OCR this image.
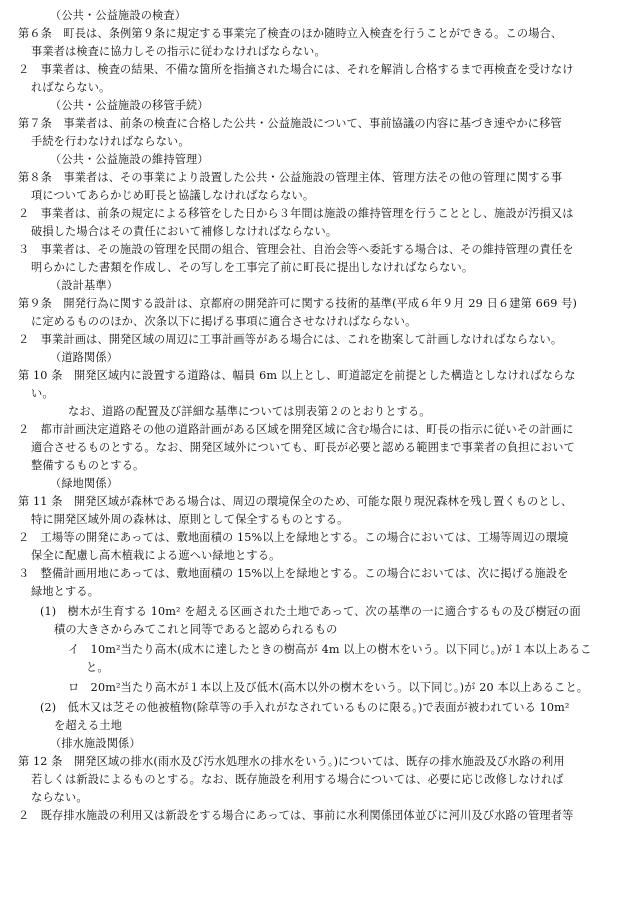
（公共・公益施設の検査）
第６条　町長は、条例第９条に規定する事業完了検査のほか随時立入検査を行うことができる。この場合、
事業者は検査に協力しその指示に従わなければならない。
２　事業者は、検査の結果、不備な箇所を指摘された場合には、それを解消し合格するまで再検査を受けなけ
ればならない。
（公共・公益施設の移管手続）
第７条　事業者は、前条の検査に合格した公共・公益施設について、事前協議の内容に基づき速やかに移管
手続を行わなければならない。
（公共・公益施設の維持管理）
第８条　事業者は、その事業により設置した公共・公益施設の管理主体、管理方法その他の管理に関する事
項についてあらかじめ町長と協議しなければならない。
２　事業者は、前条の規定による移管をした日から３年間は施設の維持管理を行うこととし、施設が汚損又は
破損した場合はその責任において補修しなければならない。
３　事業者は、その施設の管理を民間の組合、管理会社、自治会等へ委託する場合は、その維持管理の責任を
明らかにした書類を作成し、その写しを工事完了前に町長に提出しなければならない。
（設計基準）
第９条　開発行為に関する設計は、京都府の開発許可に関する技術的基準(平成６年９月 29 日６建第 669 号)
に定めるもののほか、次条以下に掲げる事項に適合させなければならない。
２　事業計画は、開発区域の周辺に工事計画等がある場合には、これを勘案して計画しなければならない。
（道路関係）
第 10 条　開発区域内に設置する道路は、幅員 6m 以上とし、町道認定を前提とした構造としなければならな
い。
なお、道路の配置及び詳細な基準については別表第２のとおりとする。
２　都市計画決定道路その他の道路計画がある区域を開発区域に含む場合には、町長の指示に従いその計画に
適合させるものとする。なお、開発区域外についても、町長が必要と認める範囲まで事業者の負担において
整備するものとする。
（緑地関係）
第 11 条　開発区域が森林である場合は、周辺の環境保全のため、可能な限り現況森林を残し置くものとし、
特に開発区域外周の森林は、原則として保全するものとする。
２　工場等の開発にあっては、敷地面積の 15%以上を緑地とする。この場合においては、工場等周辺の環境
保全に配慮し高木植栽による遮へい緑地とする。
３　整備計画用地にあっては、敷地面積の 15%以上を緑地とする。この場合においては、次に掲げる施設を
緑地とする。
(1)　樹木が生育する 10m² を超える区画された土地であって、次の基準の一に適合するもの及び樹冠の面
積の大きさからみてこれと同等であると認められるもの
イ　10m²当たり高木(成木に達したときの樹高が 4m 以上の樹木をいう。以下同じ。)が１本以上あるこ
と。
ロ　20m²当たり高木が１本以上及び低木(高木以外の樹木をいう。以下同じ。)が 20 本以上あること。
(2)　低木又は芝その他被植物(除草等の手入れがなされているものに限る。)で表面が被われている 10m²
を超える土地
（排水施設関係）
第 12 条　開発区域の排水(雨水及び汚水処理水の排水をいう。)については、既存の排水施設及び水路の利用
若しくは新設によるものとする。なお、既存施設を利用する場合については、必要に応じ改修しなければ
ならない。
２　既存排水施設の利用又は新設をする場合にあっては、事前に水利関係団体並びに河川及び水路の管理者等
